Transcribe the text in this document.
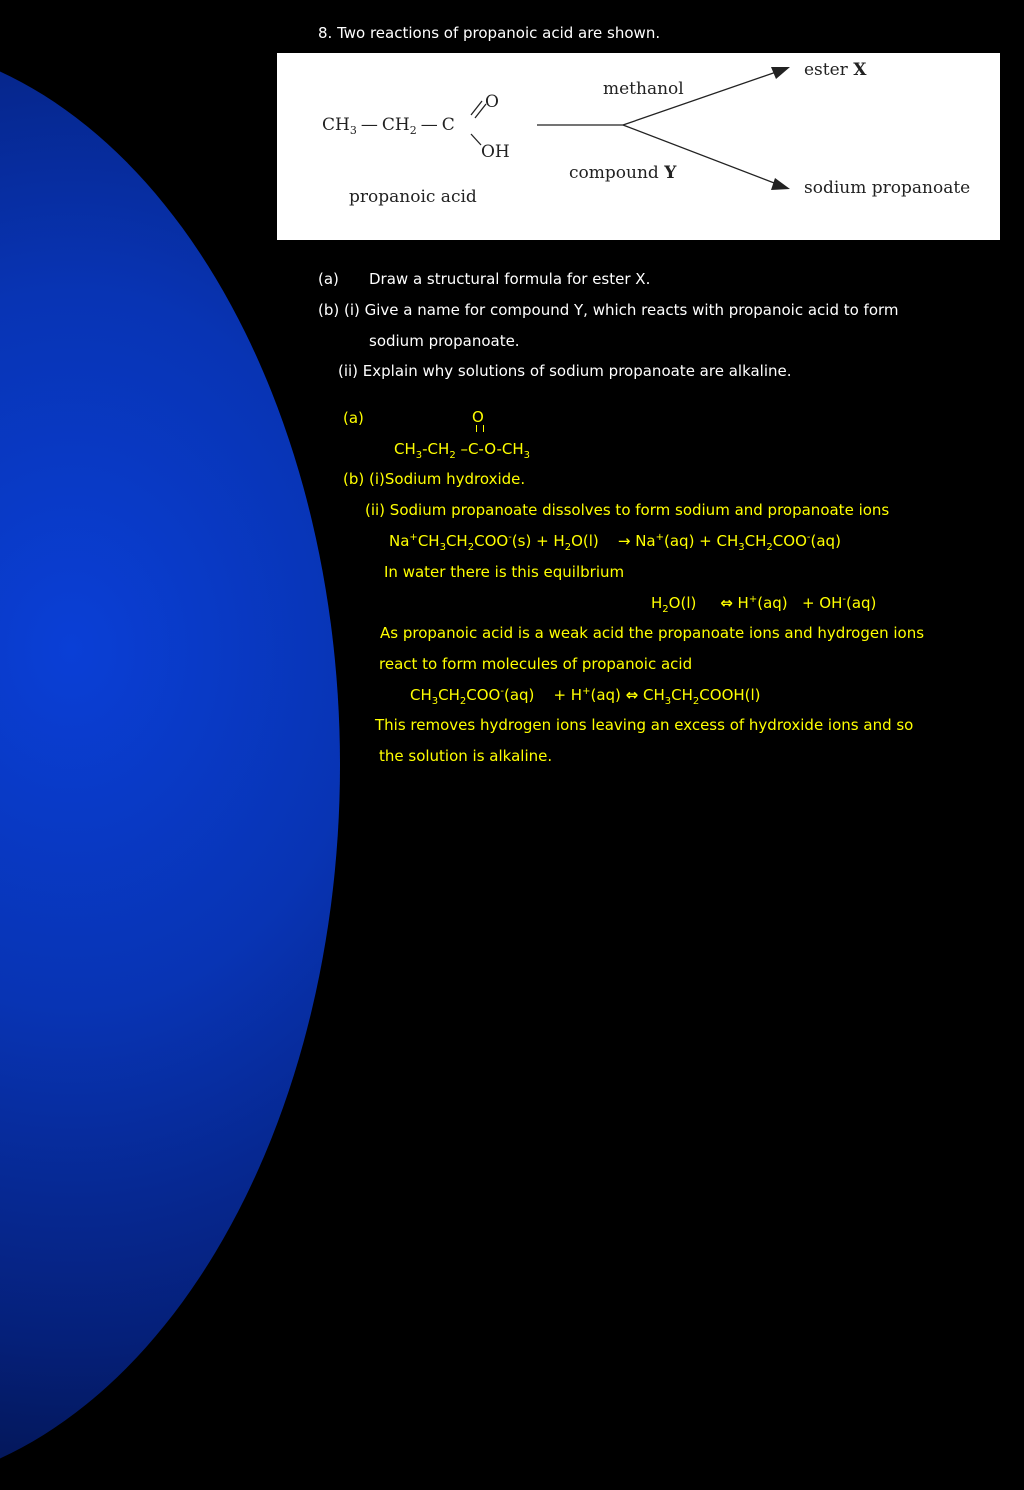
8. Two reactions of propanoic acid are shown.
$CH_3$ — $CH_2$ — C
O
OH
propanoic acid
methanol
ester X
compound Y
sodium propanoate
(a) Draw a structural formula for ester X.
(b) (i) Give a name for compound Y, which reacts with propanoic acid to form
sodium propanoate.
(ii) Explain why solutions of sodium propanoate are alkaline.
(a)	O
$CH_3-CH_2$ $-C-O-CH_3$
(b) (i)Sodium hydroxide.
(ii) Sodium propanoate dissolves to form sodium and propanoate ions
$Na^+CH_3CH_2COO^-(s) + H_2O(l)$    → $Na^+(aq) + CH_3CH_2COO^-(aq)$
In water there is this equilbrium
$H_2O(l)$     ⇔ H+(aq)   + OH-(aq)
As propanoic acid is a weak acid the propanoate ions and hydrogen ions
react to form molecules of propanoic acid
$CH_3CH_2COO^-(aq)$    + H+(aq) ⇔ $CH_3CH_2COOH(l)$
This removes hydrogen ions leaving an excess of hydroxide ions and so
the solution is alkaline.
